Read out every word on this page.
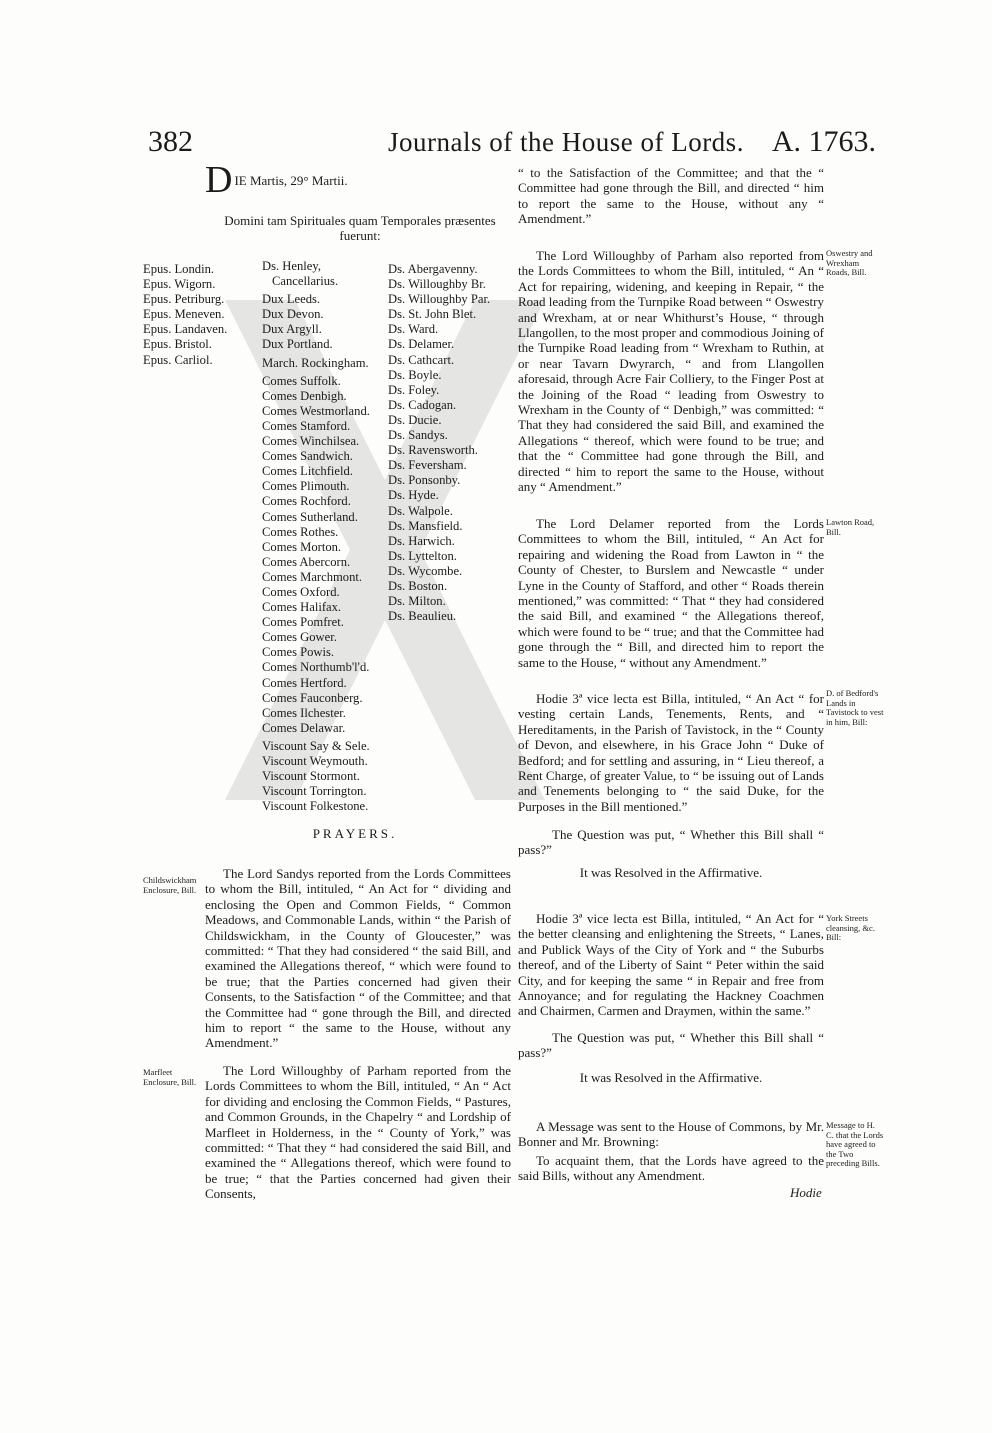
382	Journals of the House of Lords. A. 1763.
D IE Martis, 29° Martii.
Domini tam Spirituales quam Temporales præsentes fuerunt:
Epus. Londin.
Epus. Wigorn.
Epus. Petriburg.
Epus. Meneven.
Epus. Landaven.
Epus. Bristol.
Epus. Carliol.
Ds. Henley,
Cancellarius.
Dux Leeds.
Dux Devon.
Dux Argyll.
Dux Portland.
March. Rockingham.
Comes Suffolk.
Comes Denbigh.
Comes Westmorland.
Comes Stamford.
Comes Winchilsea.
Comes Sandwich.
Comes Litchfield.
Comes Plimouth.
Comes Rochford.
Comes Sutherland.
Comes Rothes.
Comes Morton.
Comes Abercorn.
Comes Marchmont.
Comes Oxford.
Comes Halifax.
Comes Pomfret.
Comes Gower.
Comes Powis.
Comes Northumb'l'd.
Comes Hertford.
Comes Fauconberg.
Comes Ilchester.
Comes Delawar.
Viscount Say & Sele.
Viscount Weymouth.
Viscount Stormont.
Viscount Torrington.
Viscount Folkestone.
Ds. Abergavenny.
Ds. Willoughby Br.
Ds. Willoughby Par.
Ds. St. John Blet.
Ds. Ward.
Ds. Delamer.
Ds. Cathcart.
Ds. Boyle.
Ds. Foley.
Ds. Cadogan.
Ds. Ducie.
Ds. Sandys.
Ds. Ravensworth.
Ds. Feversham.
Ds. Ponsonby.
Ds. Hyde.
Ds. Walpole.
Ds. Mansfield.
Ds. Harwich.
Ds. Lyttelton.
Ds. Wycombe.
Ds. Boston.
Ds. Milton.
Ds. Beaulieu.
PRAYERS.
Childswickham Enclosure, Bill.

The Lord Sandys reported from the Lords Committees to whom the Bill, intituled, “ An Act for “ dividing and enclosing the Open and Common Fields, “ Common Meadows, and Commonable Lands, within “ the Parish of Childswickham, in the County of Gloucester,” was committed: “ That they had considered “ the said Bill, and examined the Allegations thereof, “ which were found to be true; that the Parties concerned had given their Consents, to the Satisfaction “ of the Committee; and that the Committee had “ gone through the Bill, and directed him to report “ the same to the House, without any Amendment.”

Marfleet Enclosure, Bill.

The Lord Willoughby of Parham reported from the Lords Committees to whom the Bill, intituled, “ An “ Act for dividing and enclosing the Common Fields, “ Pastures, and Common Grounds, in the Chapelry “ and Lordship of Marfleet in Holderness, in the “ County of York,” was committed: “ That they “ had considered the said Bill, and examined the “ Allegations thereof, which were found to be true; “ that the Parties concerned had given their Consents,

“ to the Satisfaction of the Committee; and that the “ Committee had gone through the Bill, and directed “ him to report the same to the House, without any “ Amendment.”

The Lord Willoughby of Parham also reported from the Lords Committees to whom the Bill, intituled, “ An “ Act for repairing, widening, and keeping in Repair, “ the Road leading from the Turnpike Road between “ Oswestry and Wrexham, at or near Whithurst’s House, “ through Llangollen, to the most proper and commodious Joining of the Turnpike Road leading from “ Wrexham to Ruthin, at or near Tavarn Dwyrarch, “ and from Llangollen aforesaid, through Acre Fair Colliery, to the Finger Post at the Joining of the Road “ leading from Oswestry to Wrexham in the County of “ Denbigh,” was committed: “ That they had considered the said Bill, and examined the Allegations “ thereof, which were found to be true; and that the “ Committee had gone through the Bill, and directed “ him to report the same to the House, without any “ Amendment.”

Oswestry and Wrexham Roads, Bill.

The Lord Delamer reported from the Lords Committees to whom the Bill, intituled, “ An Act for repairing and widening the Road from Lawton in “ the County of Chester, to Burslem and Newcastle “ under Lyne in the County of Stafford, and other “ Roads therein mentioned,” was committed: “ That “ they had considered the said Bill, and examined “ the Allegations thereof, which were found to be “ true; and that the Committee had gone through the “ Bill, and directed him to report the same to the House, “ without any Amendment.”

Lawton Road, Bill.

Hodie 3ª vice lecta est Billa, intituled, “ An Act “ for vesting certain Lands, Tenements, Rents, and “ Hereditaments, in the Parish of Tavistock, in the “ County of Devon, and elsewhere, in his Grace John “ Duke of Bedford; and for settling and assuring, in “ Lieu thereof, a Rent Charge, of greater Value, to “ be issuing out of Lands and Tenements belonging to “ the said Duke, for the Purposes in the Bill mentioned.”

D. of Bedford's Lands in Tavistock to vest in him, Bill:

The Question was put, “ Whether this Bill shall “ pass?”

It was Resolved in the Affirmative.

Hodie 3ª vice lecta est Billa, intituled, “ An Act for “ the better cleansing and enlightening the Streets, “ Lanes, and Publick Ways of the City of York and “ the Suburbs thereof, and of the Liberty of Saint “ Peter within the said City, and for keeping the same “ in Repair and free from Annoyance; and for regulating the Hackney Coachmen and Chairmen, Carmen and Draymen, within the same.”

York Streets cleansing, &c. Bill:

The Question was put, “ Whether this Bill shall “ pass?”

It was Resolved in the Affirmative.

A Message was sent to the House of Commons, by Mr. Bonner and Mr. Browning:

To acquaint them, that the Lords have agreed to the said Bills, without any Amendment.

Message to H. C. that the Lords have agreed to the Two preceding Bills.
Hodie
